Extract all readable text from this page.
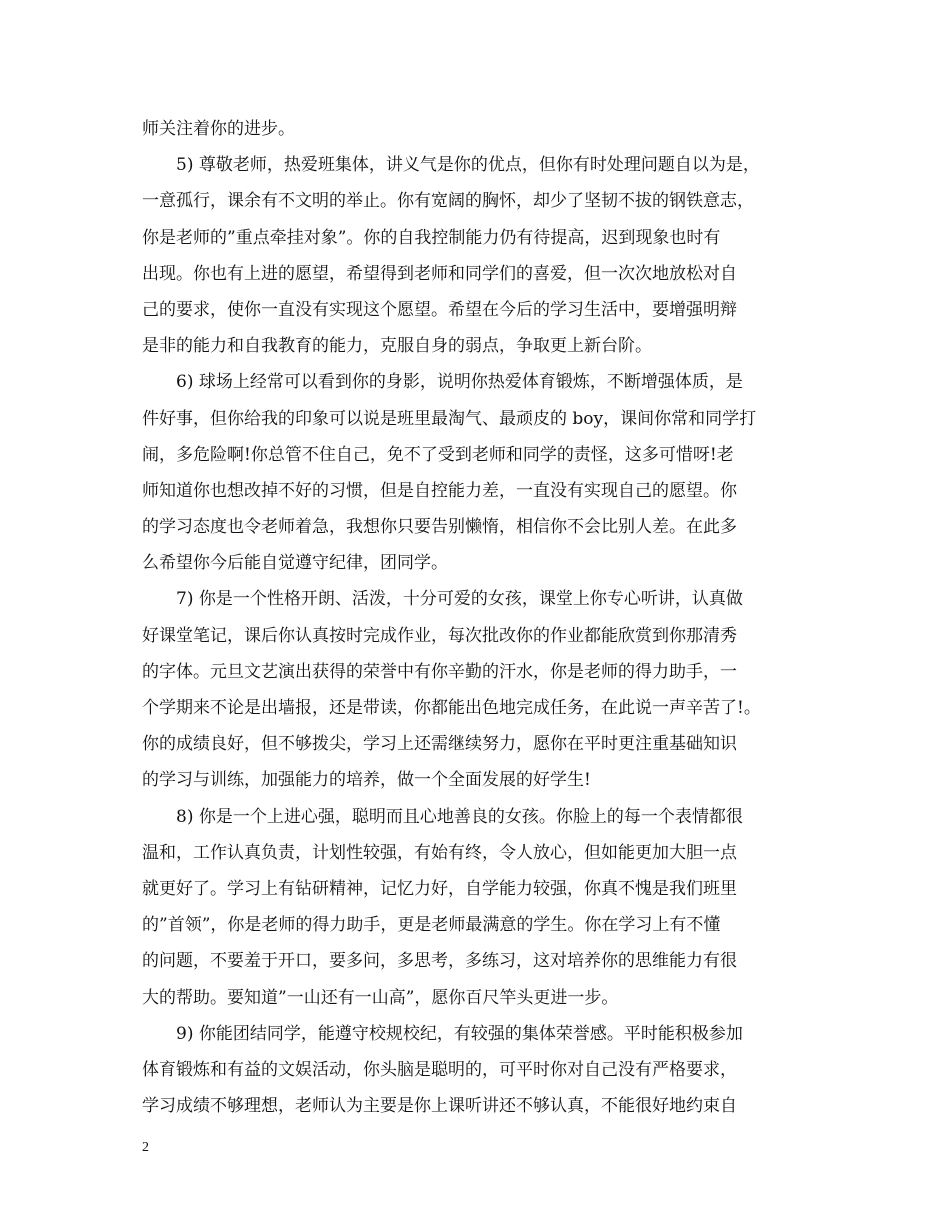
师关注着你的进步。
5) 尊敬老师，热爱班集体，讲义气是你的优点，但你有时处理问题自以为是，
一意孤行，课余有不文明的举止。你有宽阔的胸怀，却少了坚韧不拔的钢铁意志，
你是老师的”重点牵挂对象”。你的自我控制能力仍有待提高，迟到现象也时有
出现。你也有上进的愿望，希望得到老师和同学们的喜爱，但一次次地放松对自
己的要求，使你一直没有实现这个愿望。希望在今后的学习生活中，要增强明辩
是非的能力和自我教育的能力，克服自身的弱点，争取更上新台阶。
6) 球场上经常可以看到你的身影，说明你热爱体育锻炼，不断增强体质，是
件好事，但你给我的印象可以说是班里最淘气、最顽皮的 boy，课间你常和同学打
闹，多危险啊!你总管不住自己，免不了受到老师和同学的责怪，这多可惜呀!老
师知道你也想改掉不好的习惯，但是自控能力差，一直没有实现自己的愿望。你
的学习态度也令老师着急，我想你只要告别懒惰，相信你不会比别人差。在此多
么希望你今后能自觉遵守纪律，团同学。
7) 你是一个性格开朗、活泼，十分可爱的女孩，课堂上你专心听讲，认真做
好课堂笔记，课后你认真按时完成作业，每次批改你的作业都能欣赏到你那清秀
的字体。元旦文艺演出获得的荣誉中有你辛勤的汗水，你是老师的得力助手，一
个学期来不论是出墙报，还是带读，你都能出色地完成任务，在此说一声辛苦了!。
你的成绩良好，但不够拨尖，学习上还需继续努力，愿你在平时更注重基础知识
的学习与训练，加强能力的培养，做一个全面发展的好学生!
8) 你是一个上进心强，聪明而且心地善良的女孩。你脸上的每一个表情都很
温和，工作认真负责，计划性较强，有始有终，令人放心，但如能更加大胆一点
就更好了。学习上有钻研精神，记忆力好，自学能力较强，你真不愧是我们班里
的”首领”，你是老师的得力助手，更是老师最满意的学生。你在学习上有不懂
的问题，不要羞于开口，要多问，多思考，多练习，这对培养你的思维能力有很
大的帮助。要知道”一山还有一山高”，愿你百尺竿头更进一步。
9) 你能团结同学，能遵守校规校纪，有较强的集体荣誉感。平时能积极参加
体育锻炼和有益的文娱活动，你头脑是聪明的，可平时你对自己没有严格要求，
学习成绩不够理想，老师认为主要是你上课听讲还不够认真，不能很好地约束自
2
